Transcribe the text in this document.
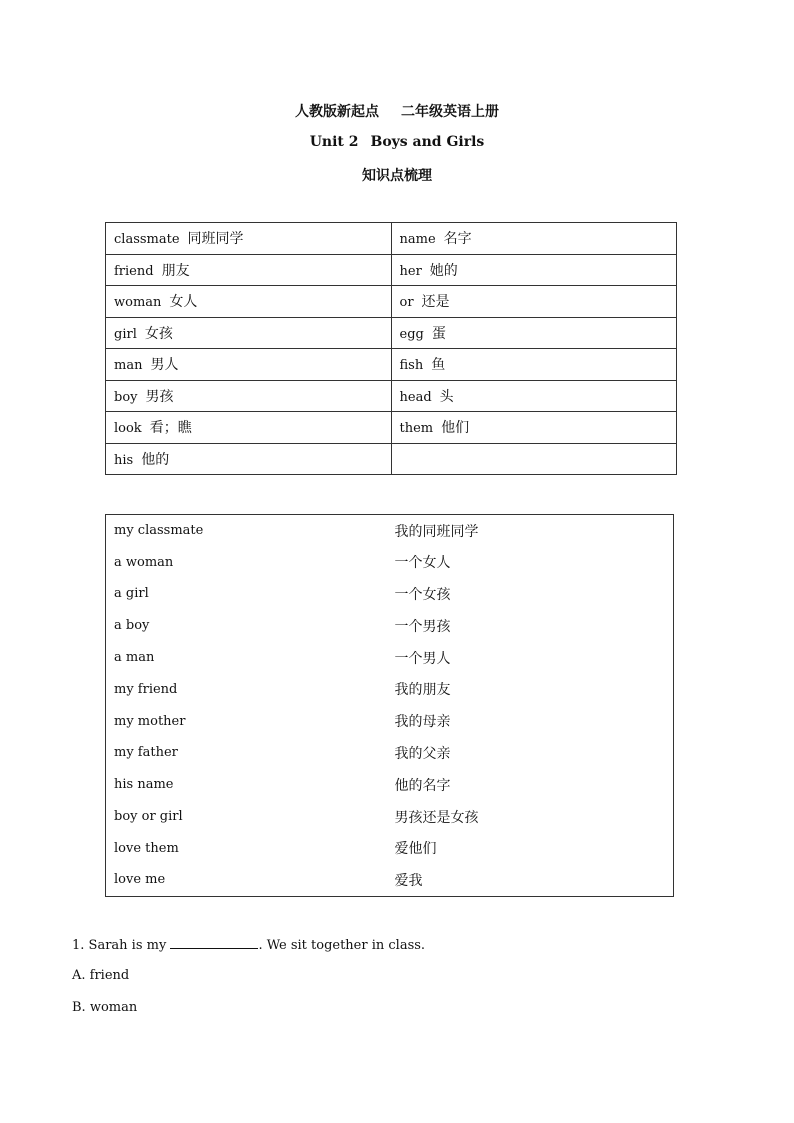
人教版新起点 二年级英语上册
Unit 2 Boys and Girls
知识点梳理
classmate 同班同学	name 名字
friend 朋友	her 她的
woman 女人	or 还是
girl 女孩	egg 蛋
man 男人	fish 鱼
boy 男孩	head 头
look 看；瞧	them 他们
his 他的	
my classmate	我的同班同学
a woman	一个女人
a girl	一个女孩
a boy	一个男孩
a man	一个男人
my friend	我的朋友
my mother	我的母亲
my father	我的父亲
his name	他的名字
boy or girl	男孩还是女孩
love them	爱他们
love me	爱我
1. Sarah is my	. We sit together in class.
A. friend
B. woman
